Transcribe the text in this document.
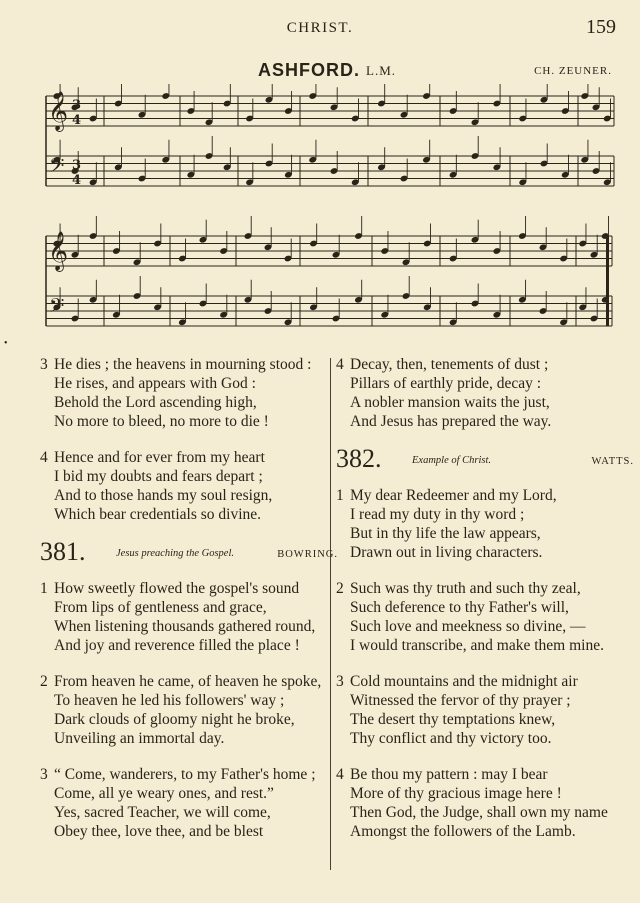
CHRIST.	159
ASHFORD. L.M.	CH. ZEUNER.
𝄞
𝄞
𝄢
𝄢
3
4
3
4
•
3 He dies ; the heavens in mourning stood :
He rises, and appears with God :
Behold the Lord ascending high,
No more to bleed, no more to die !
4 Hence and for ever from my heart
I bid my doubts and fears depart ;
And to those hands my soul resign,
Which bear credentials so divine.
381.	Jesus preaching the Gospel.	BOWRING.
1 How sweetly flowed the gospel's sound
From lips of gentleness and grace,
When listening thousands gathered round,
And joy and reverence filled the place !
2 From heaven he came, of heaven he spoke,
To heaven he led his followers' way ;
Dark clouds of gloomy night he broke,
Unveiling an immortal day.
3 “ Come, wanderers, to my Father's home ;
Come, all ye weary ones, and rest.”
Yes, sacred Teacher, we will come,
Obey thee, love thee, and be blest
4 Decay, then, tenements of dust ;
Pillars of earthly pride, decay :
A nobler mansion waits the just,
And Jesus has prepared the way.
382.	Example of Christ.	WATTS.
1 My dear Redeemer and my Lord,
I read my duty in thy word ;
But in thy life the law appears,
Drawn out in living characters.
2 Such was thy truth and such thy zeal,
Such deference to thy Father's will,
Such love and meekness so divine, —
I would transcribe, and make them mine.
3 Cold mountains and the midnight air
Witnessed the fervor of thy prayer ;
The desert thy temptations knew,
Thy conflict and thy victory too.
4 Be thou my pattern : may I bear
More of thy gracious image here !
Then God, the Judge, shall own my name
Amongst the followers of the Lamb.
